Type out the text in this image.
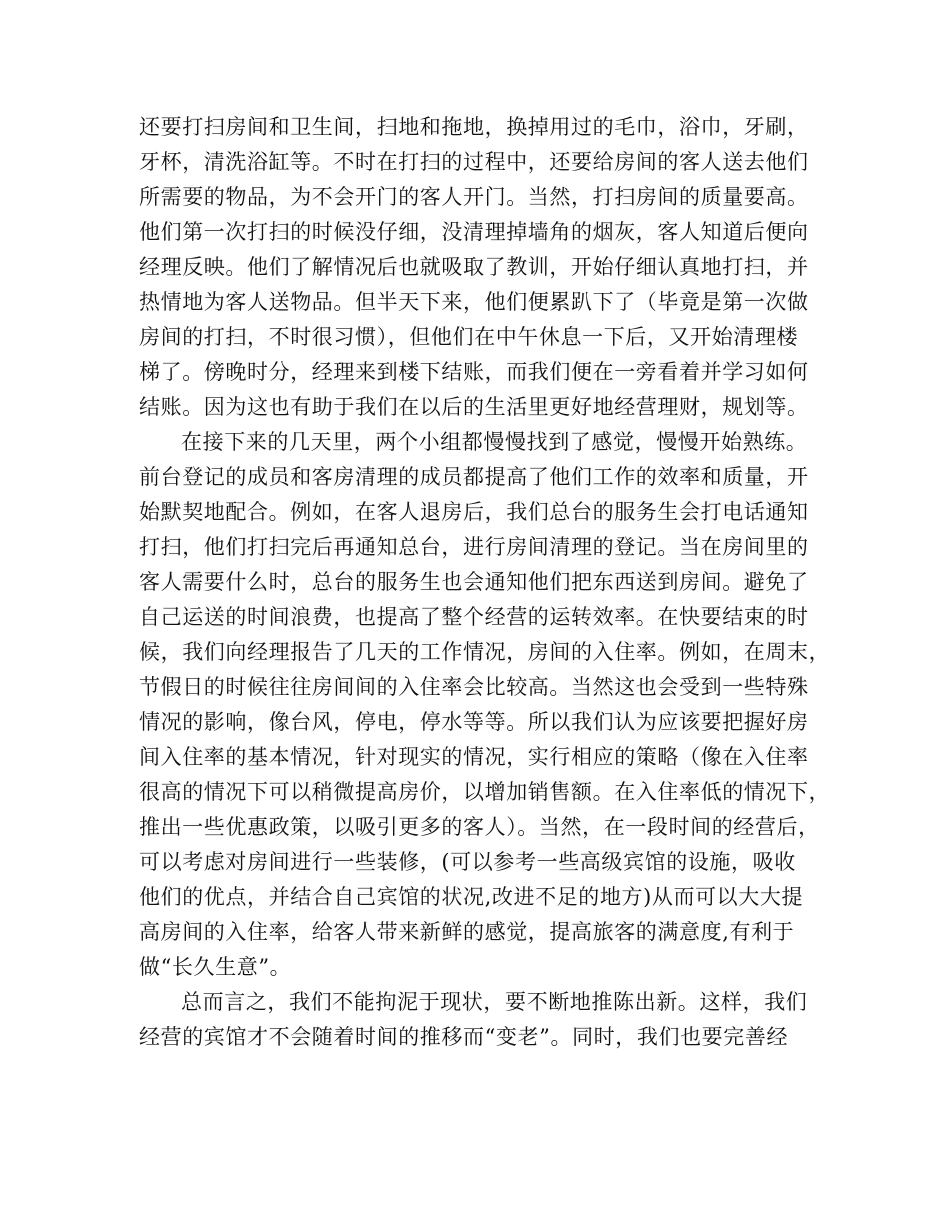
还要打扫房间和卫生间，扫地和拖地，换掉用过的毛巾，浴巾，牙刷，
牙杯，清洗浴缸等。不时在打扫的过程中，还要给房间的客人送去他们
所需要的物品，为不会开门的客人开门。当然，打扫房间的质量要高。
他们第一次打扫的时候没仔细，没清理掉墙角的烟灰，客人知道后便向
经理反映。他们了解情况后也就吸取了教训，开始仔细认真地打扫，并
热情地为客人送物品。但半天下来，他们便累趴下了（毕竟是第一次做
房间的打扫，不时很习惯），但他们在中午休息一下后，又开始清理楼
梯了。傍晚时分，经理来到楼下结账，而我们便在一旁看着并学习如何
结账。因为这也有助于我们在以后的生活里更好地经营理财，规划等。
在接下来的几天里，两个小组都慢慢找到了感觉，慢慢开始熟练。
前台登记的成员和客房清理的成员都提高了他们工作的效率和质量，开
始默契地配合。例如，在客人退房后，我们总台的服务生会打电话通知
打扫，他们打扫完后再通知总台，进行房间清理的登记。当在房间里的
客人需要什么时，总台的服务生也会通知他们把东西送到房间。避免了
自己运送的时间浪费，也提高了整个经营的运转效率。在快要结束的时
候，我们向经理报告了几天的工作情况，房间的入住率。例如，在周末，
节假日的时候往往房间间的入住率会比较高。当然这也会受到一些特殊
情况的影响，像台风，停电，停水等等。所以我们认为应该要把握好房
间入住率的基本情况，针对现实的情况，实行相应的策略（像在入住率
很高的情况下可以稍微提高房价，以增加销售额。在入住率低的情况下，
推出一些优惠政策，以吸引更多的客人）。当然，在一段时间的经营后，
可以考虑对房间进行一些装修，(可以参考一些高级宾馆的设施，吸收
他们的优点，并结合自己宾馆的状况,改进不足的地方)从而可以大大提
高房间的入住率，给客人带来新鲜的感觉，提高旅客的满意度,有利于
做“长久生意”。
总而言之，我们不能拘泥于现状，要不断地推陈出新。这样，我们
经营的宾馆才不会随着时间的推移而“变老”。同时，我们也要完善经
